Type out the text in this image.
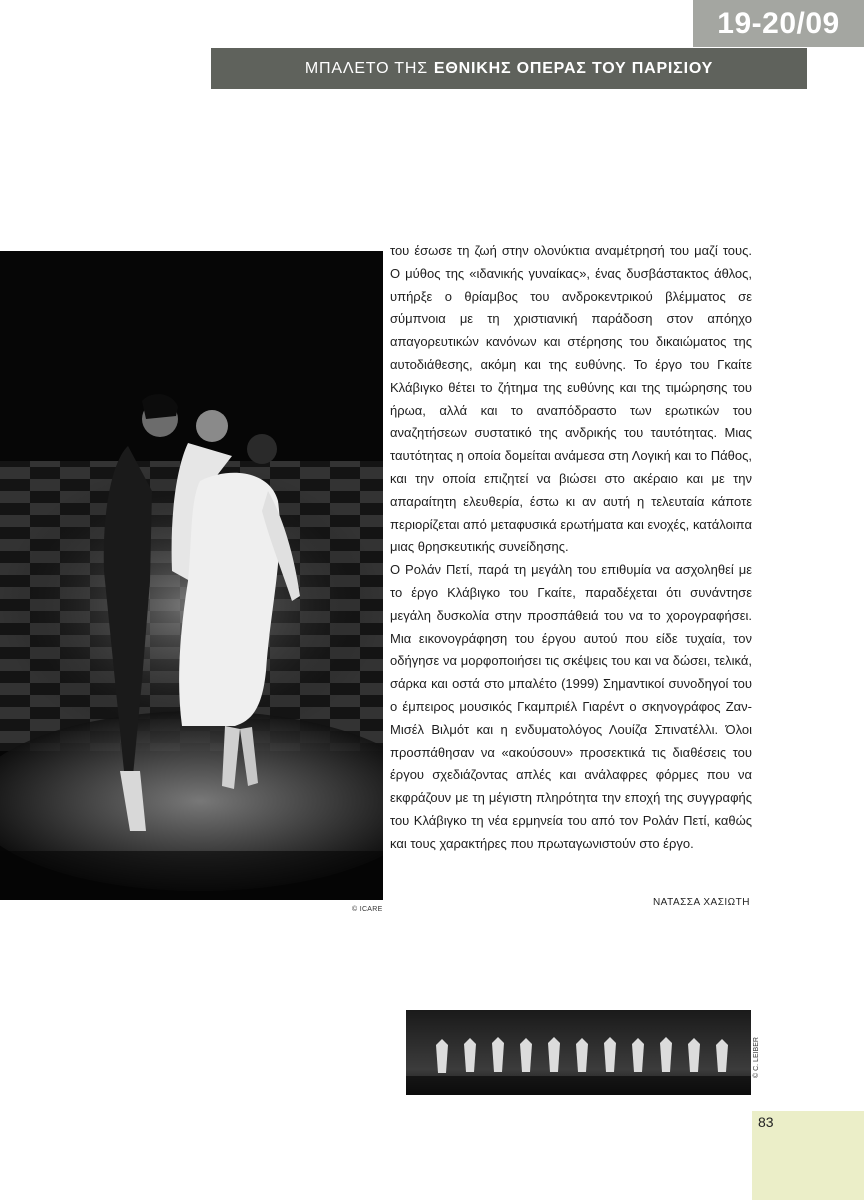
19-20/09
ΜΠΑΛΕΤΟ ΤΗΣ ΕΘΝΙΚΗΣ ΟΠΕΡΑΣ ΤΟΥ ΠΑΡΙΣΙΟΥ
© ICARE

του έσωσε τη ζωή στην ολονύκτια αναμέτρησή του μαζί τους. Ο μύθος της «ιδανικής γυναίκας», ένας δυσβάστακτος άθλος, υπήρξε ο θρίαμβος του ανδροκεντρικού βλέμματος σε σύμπνοια με τη χριστιανική παράδοση στον απόηχο απαγορευτικών κανόνων και στέρησης του δικαιώματος της αυτοδιάθεσης, ακόμη και της ευθύνης. Το έργο του Γκαίτε Κλάβιγκο θέτει το ζήτημα της ευθύνης και της τιμώρησης του ήρωα, αλλά και το αναπόδραστο των ερωτικών του αναζητήσεων συστατικό της ανδρικής του ταυτότητας. Μιας ταυτότητας η οποία δομείται ανάμεσα στη Λογική και το Πάθος, και την οποία επιζητεί να βιώσει στο ακέραιο και με την απαραίτητη ελευθερία, έστω κι αν αυτή η τελευταία κάποτε περιορίζεται από μεταφυσικά ερωτήματα και ενοχές, κατάλοιπα μιας θρησκευτικής συνείδησης.

Ο Ρολάν Πετί, παρά τη μεγάλη του επιθυμία να ασχοληθεί με το έργο Κλάβιγκο του Γκαίτε, παραδέχεται ότι συνάντησε μεγάλη δυσκολία στην προσπάθειά του να το χορογραφήσει. Μια εικονογράφηση του έργου αυτού που είδε τυχαία, τον οδήγησε να μορφοποιήσει τις σκέψεις του και να δώσει, τελικά, σάρκα και οστά στο μπαλέτο (1999) Σημαντικοί συνοδηγοί του ο έμπειρος μουσικός Γκαμπριέλ Γιαρέντ ο σκηνογράφος Ζαν-Μισέλ Βιλμότ και η ενδυματολόγος Λουίζα Σπινατέλλι. Όλοι προσπάθησαν να «ακούσουν» προσεκτικά τις διαθέσεις του έργου σχεδιάζοντας απλές και ανάλαφρες φόρμες που να εκφράζουν με τη μέγιστη πληρότητα την εποχή της συγγραφής του Κλάβιγκο τη νέα ερμηνεία του από τον Ρολάν Πετί, καθώς και τους χαρακτήρες που πρωταγωνιστούν στο έργο.

ΝΑΤΑΣΣΑ ΧΑΣΙΩΤΗ
© C. LEIBER
83
